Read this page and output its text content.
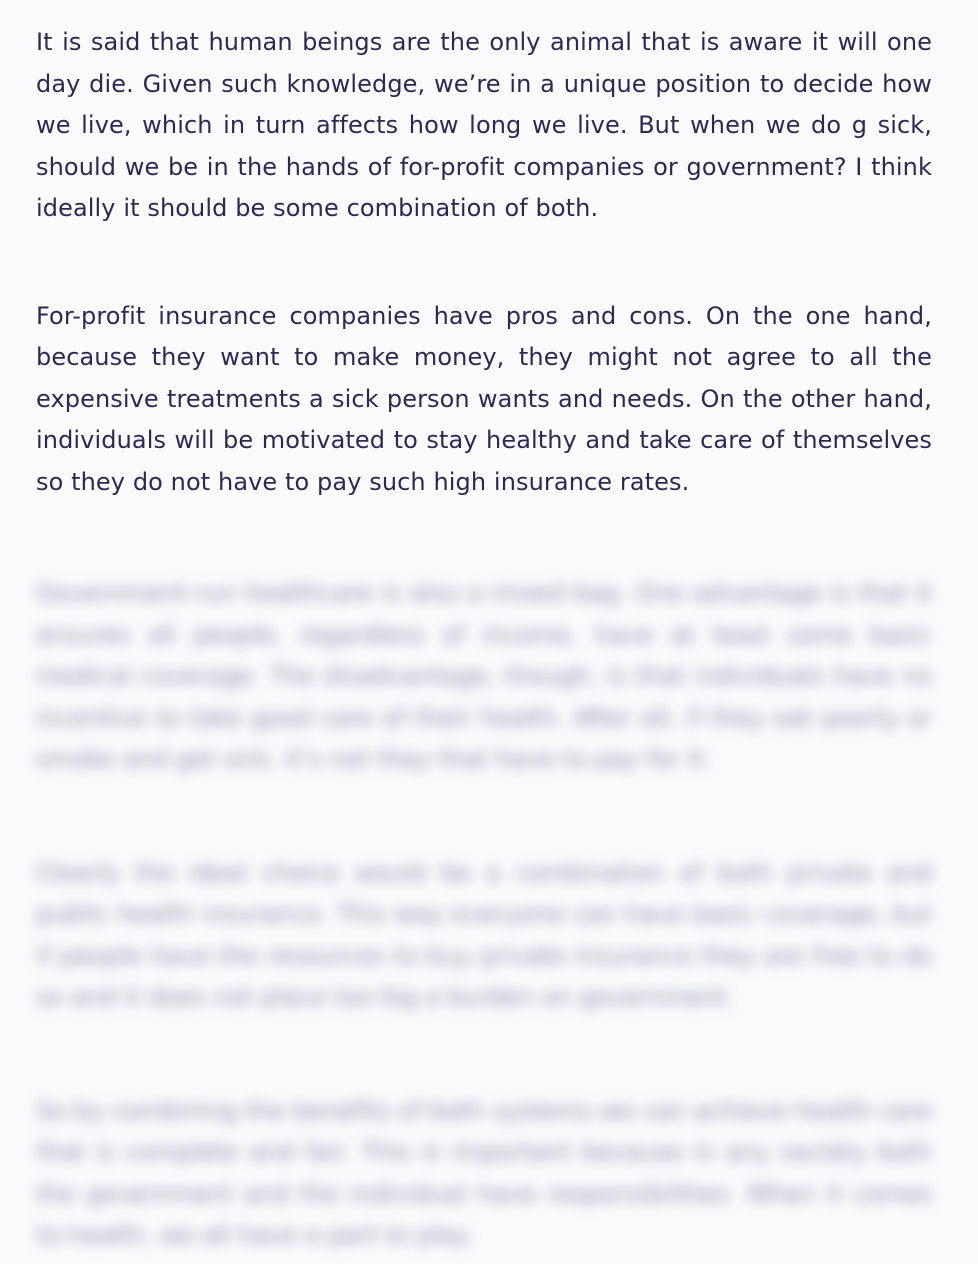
It is said that human beings are the only animal that is aware it will one day die. Given such knowledge, we’re in a unique position to decide how we live, which in turn affects how long we live. But when we do g sick, should we be in the hands of for-profit companies or government? I think ideally it should be some combination of both.

For-profit insurance companies have pros and cons. On the one hand, because they want to make money, they might not agree to all the expensive treatments a sick person wants and needs. On the other hand, individuals will be motivated to stay healthy and take care of themselves so they do not have to pay such high insurance rates.

Government-run healthcare is also a mixed bag. One advantage is that it ensures all people, regardless of income, have at least some basic medical coverage. The disadvantage, though, is that individuals have no incentive to take good care of their health. After all, if they eat poorly or smoke and get sick, it’s not they that have to pay for it.

Clearly the ideal choice would be a combination of both private and public health insurance. This way everyone can have basic coverage, but if people have the resources to buy private insurance they are free to do so and it does not place too big a burden on government.

So by combining the benefits of both systems we can achieve health care that is complete and fair. This is important because in any society both the government and the individual have responsibilities. When it comes to health, we all have a part to play.
